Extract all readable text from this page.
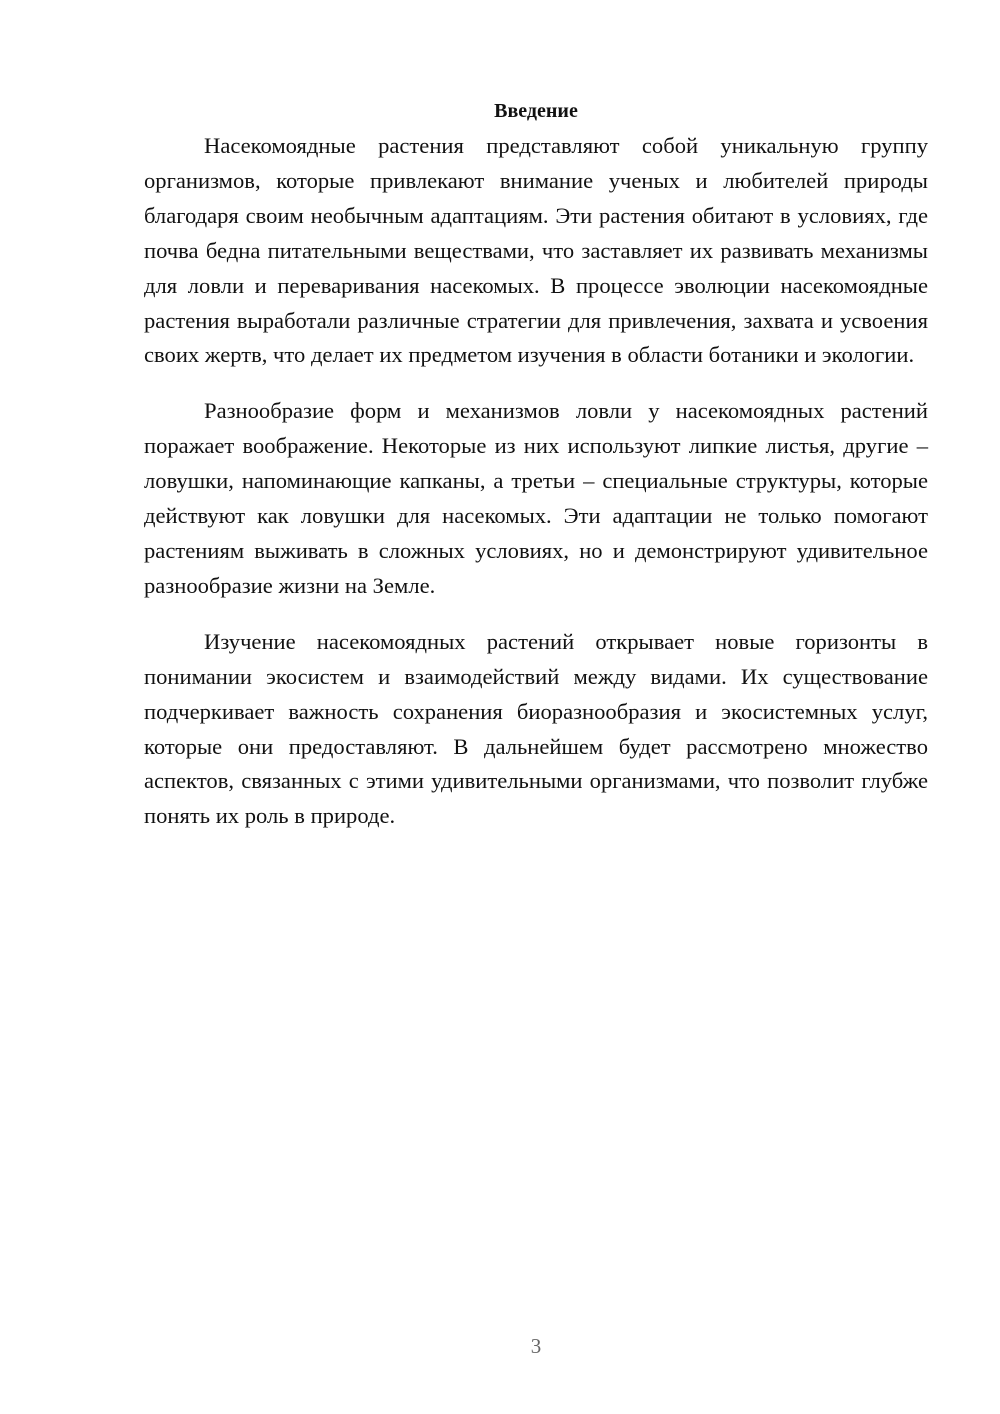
Введение

Насекомоядные растения представляют собой уникальную группу организмов, которые привлекают внимание ученых и любителей природы благодаря своим необычным адаптациям. Эти растения обитают в условиях, где почва бедна питательными веществами, что заставляет их развивать механизмы для ловли и переваривания насекомых. В процессе эволюции насекомоядные растения выработали различные стратегии для привлечения, захвата и усвоения своих жертв, что делает их предметом изучения в области ботаники и экологии.

Разнообразие форм и механизмов ловли у насекомоядных растений поражает воображение. Некоторые из них используют липкие листья, другие – ловушки, напоминающие капканы, а третьи – специальные структуры, которые действуют как ловушки для насекомых. Эти адаптации не только помогают растениям выживать в сложных условиях, но и демонстрируют удивительное разнообразие жизни на Земле.

Изучение насекомоядных растений открывает новые горизонты в понимании экосистем и взаимодействий между видами. Их существование подчеркивает важность сохранения биоразнообразия и экосистемных услуг, которые они предоставляют. В дальнейшем будет рассмотрено множество аспектов, связанных с этими удивительными организмами, что позволит глубже понять их роль в природе.

3
